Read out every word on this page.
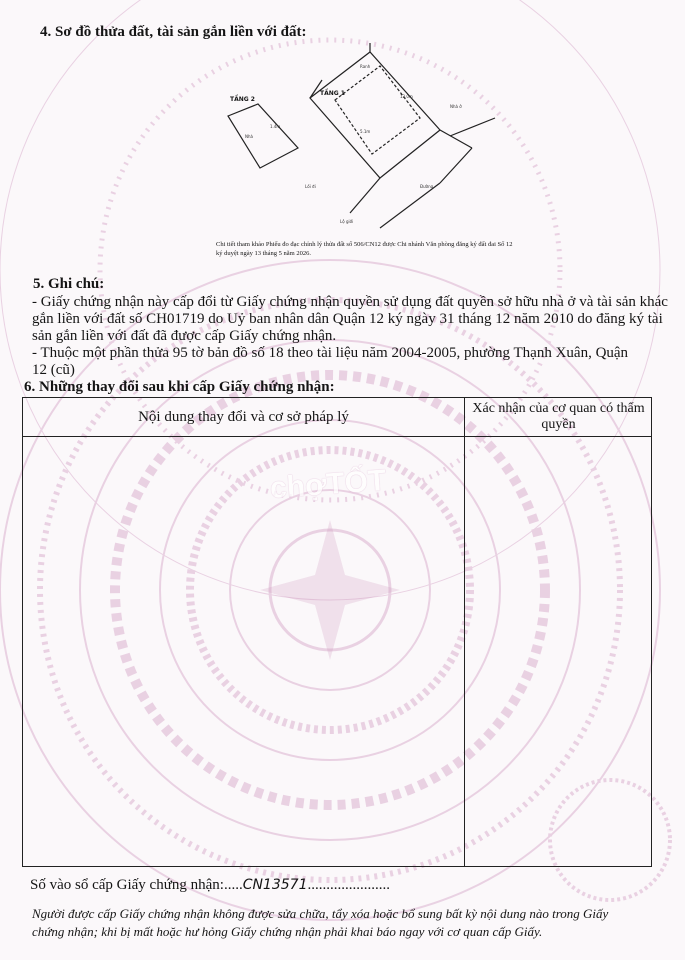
chợTỐT
4. Sơ đồ thửa đất, tài sản gắn liền với đất:
1.4m
5.1m
13.0m
Đường
Lối đi
Nhà ở
Ranh
Nhà
Lộ giới
TẦNG 2
TẦNG 1
Chi tiết tham khảo Phiếu đo đạc chỉnh lý thửa đất số 506/CN12 được Chi nhánh Văn phòng đăng ký đất đai Số 12 ký duyệt ngày 13 tháng 5 năm 2026.
5. Ghi chú:
- Giấy chứng nhận này cấp đổi từ Giấy chứng nhận quyền sử dụng đất quyền sở hữu nhà ở và tài sản khác gắn liền với đất số CH01719 do Uỷ ban nhân dân Quận 12 ký ngày 31 tháng 12 năm 2010 do đăng ký tài sản gắn liền với đất đã được cấp Giấy chứng nhận.
- Thuộc một phần thửa 95 tờ bản đồ số 18 theo tài liệu năm 2004-2005, phường Thạnh Xuân, Quận 12 (cũ)
6. Những thay đổi sau khi cấp Giấy chứng nhận:
Nội dung thay đổi và cơ sở pháp lý
Xác nhận của cơ quan có thẩm quyền
Số vào sổ cấp Giấy chứng nhận:.....CN13571......................
Người được cấp Giấy chứng nhận không được sửa chữa, tẩy xóa hoặc bổ sung bất kỳ nội dung nào trong Giấy chứng nhận; khi bị mất hoặc hư hỏng Giấy chứng nhận phải khai báo ngay với cơ quan cấp Giấy.
